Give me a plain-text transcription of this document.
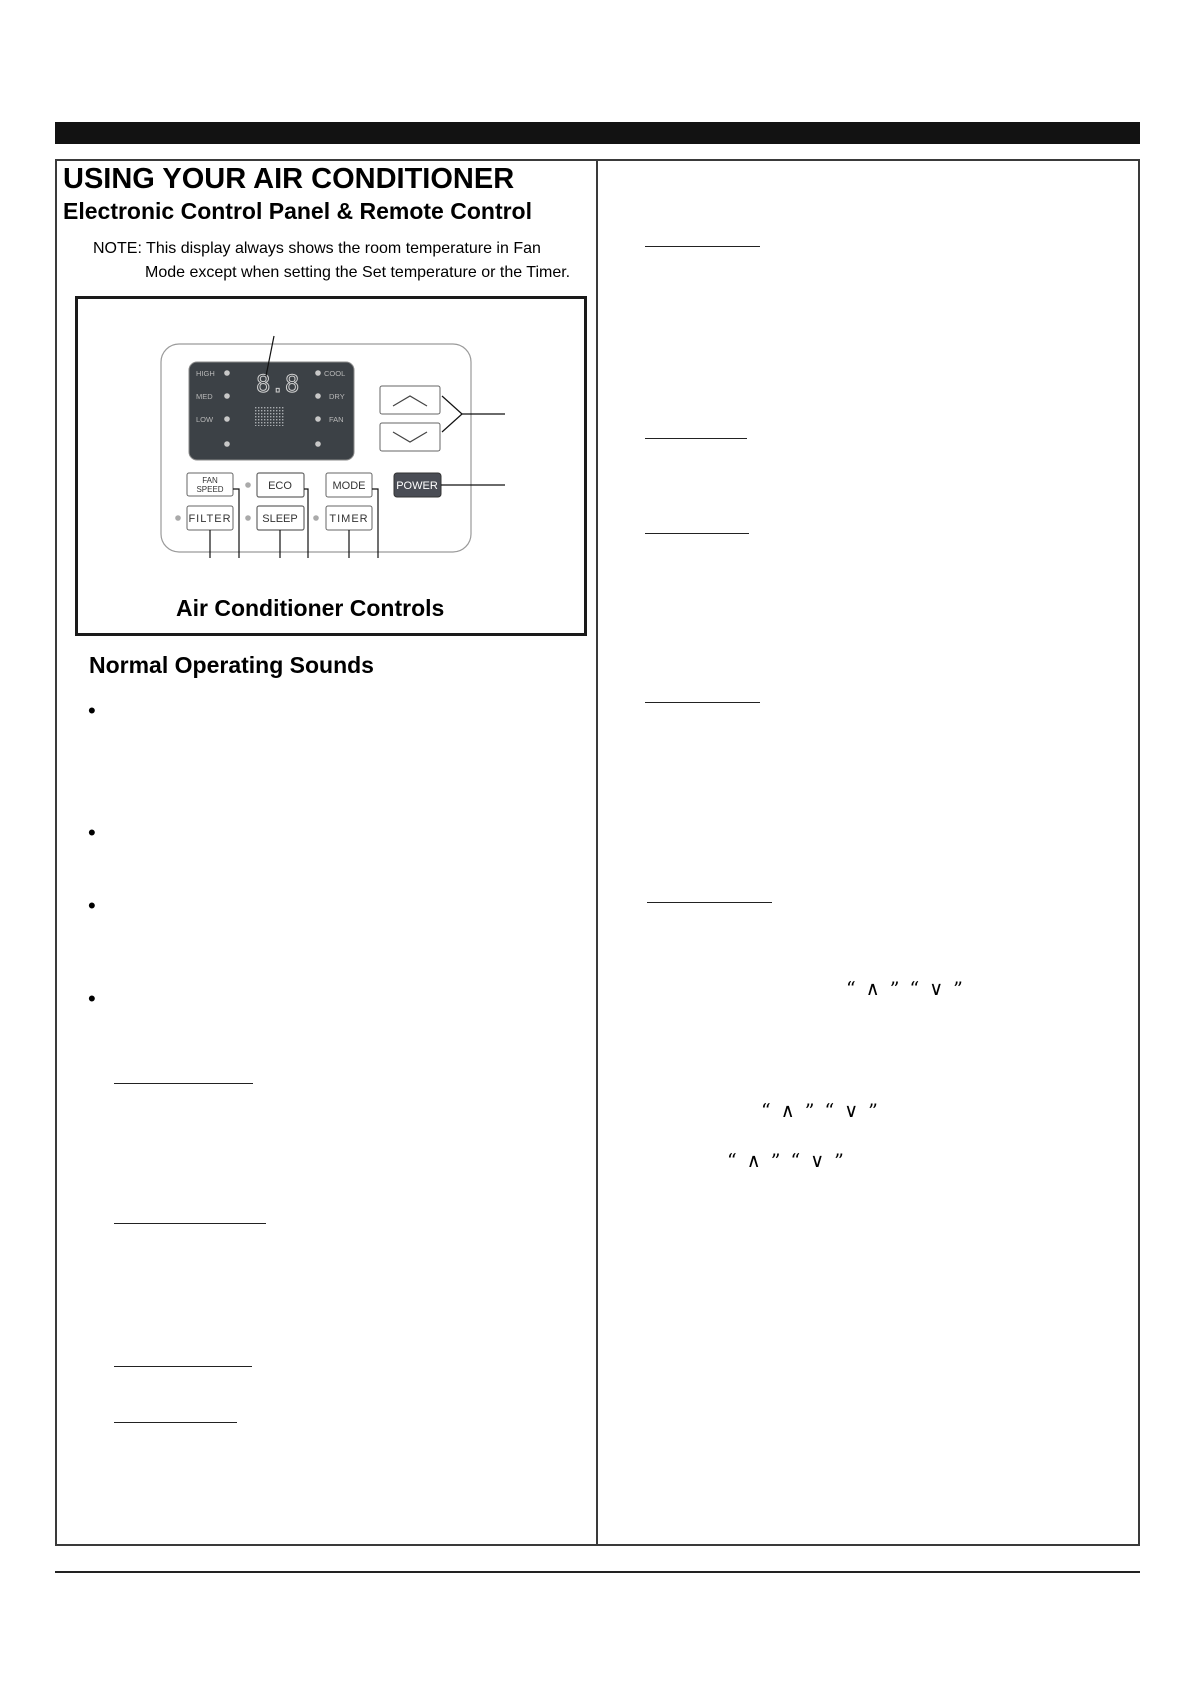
USING YOUR AIR CONDITIONER
Electronic Control Panel & Remote Control
NOTE: This display always shows the room temperature in Fan
Mode except when setting the Set temperature or the Timer.
HIGH
MED
LOW
COOL
DRY
FAN
8.8
FAN
SPEED	ECO	MODE	POWER
FILTER	SLEEP	TIMER
Air Conditioner Controls
Normal Operating Sounds
•
•
•
•	“ ∧ ” “ ∨ ”
“ ∧ ” “ ∨ ”
“ ∧ ” “ ∨ ”
